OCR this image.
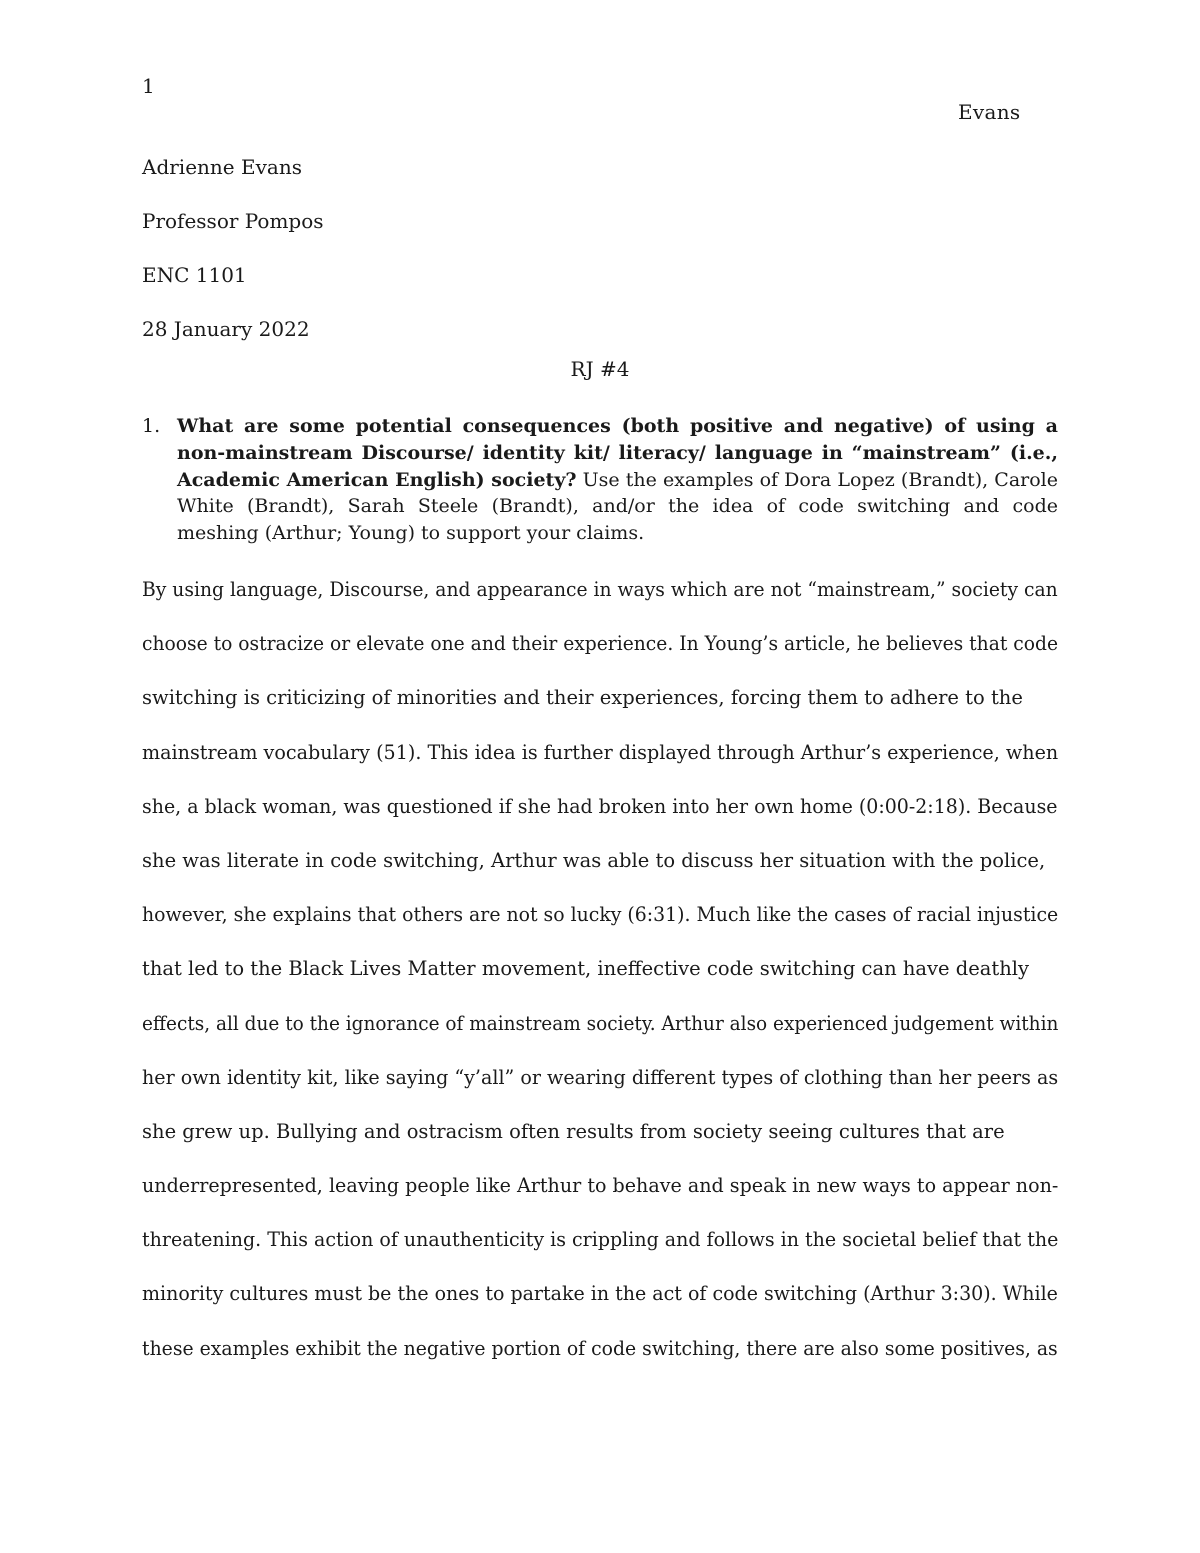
1
Evans
Adrienne Evans
Professor Pompos
ENC 1101
28 January 2022
RJ #4
1. What are some potential consequences (both positive and negative) of using a non-mainstream Discourse/ identity kit/ literacy/ language in “mainstream” (i.e., Academic American English) society? Use the examples of Dora Lopez (Brandt), Carole White (Brandt), Sarah Steele (Brandt), and/or the idea of code switching and code meshing (Arthur; Young) to support your claims.
By using language, Discourse, and appearance in ways which are not “mainstream,” society can
choose to ostracize or elevate one and their experience. In Young’s article, he believes that code
switching is criticizing of minorities and their experiences, forcing them to adhere to the
mainstream vocabulary (51). This idea is further displayed through Arthur’s experience, when
she, a black woman, was questioned if she had broken into her own home (0:00-2:18). Because
she was literate in code switching, Arthur was able to discuss her situation with the police,
however, she explains that others are not so lucky (6:31). Much like the cases of racial injustice
that led to the Black Lives Matter movement, ineffective code switching can have deathly
effects, all due to the ignorance of mainstream society. Arthur also experienced judgement within
her own identity kit, like saying “y’all” or wearing different types of clothing than her peers as
she grew up. Bullying and ostracism often results from society seeing cultures that are
underrepresented, leaving people like Arthur to behave and speak in new ways to appear non-
threatening. This action of unauthenticity is crippling and follows in the societal belief that the
minority cultures must be the ones to partake in the act of code switching (Arthur 3:30). While
these examples exhibit the negative portion of code switching, there are also some positives, as
